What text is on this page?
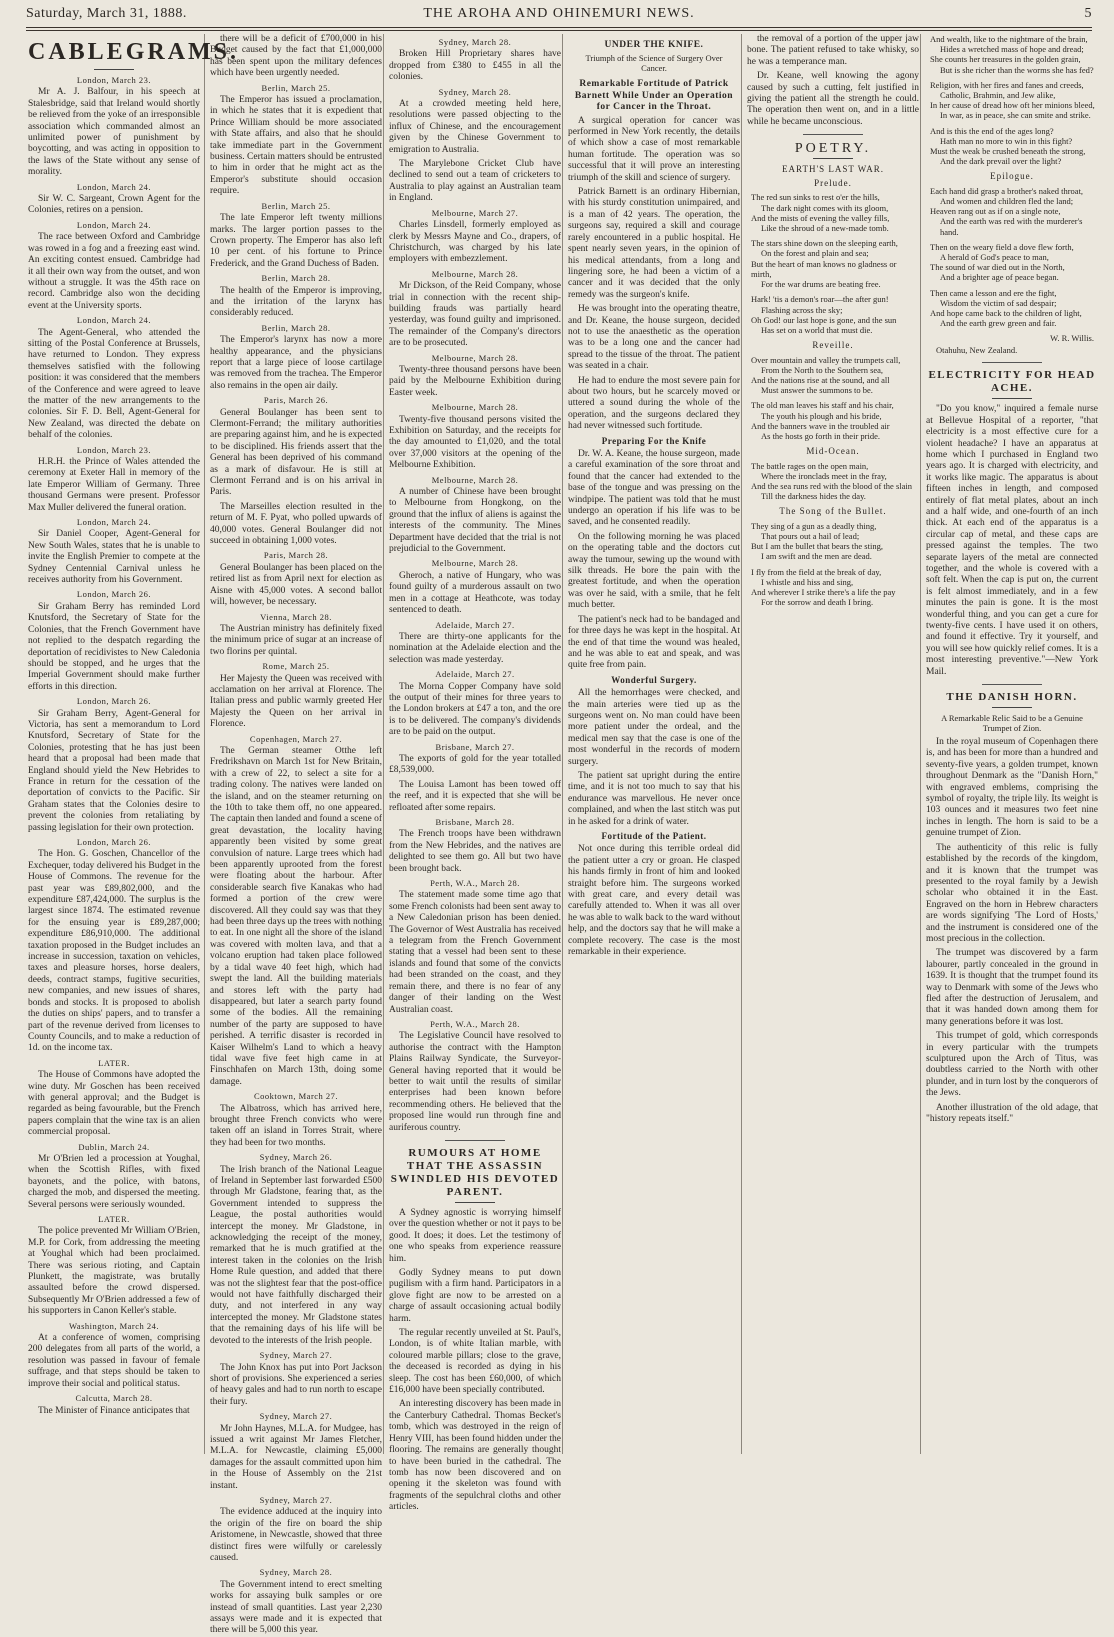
Saturday, March 31, 1888.	THE AROHA AND OHINEMURI NEWS.	5
CABLEGRAMS.
London, March 23.

Mr A. J. Balfour, in his speech at Stalesbridge, said that Ireland would shortly be relieved from the yoke of an irresponsible association which commanded almost an unlimited power of punishment by boycotting, and was acting in opposition to the laws of the State without any sense of morality.

London, March 24.

Sir W. C. Sargeant, Crown Agent for the Colonies, retires on a pension.

London, March 24.

The race between Oxford and Cambridge was rowed in a fog and a freezing east wind. An exciting contest ensued. Cambridge had it all their own way from the outset, and won without a struggle. It was the 45th race on record. Cambridge also won the deciding event at the University sports.

London, March 24.

The Agent-General, who attended the sitting of the Postal Conference at Brussels, have returned to London. They express themselves satisfied with the following position: it was considered that the members of the Conference and were agreed to leave the matter of the new arrangements to the colonies. Sir F. D. Bell, Agent-General for New Zealand, was directed the debate on behalf of the colonies.

London, March 23.

H.R.H. the Prince of Wales attended the ceremony at Exeter Hall in memory of the late Emperor William of Germany. Three thousand Germans were present. Professor Max Muller delivered the funeral oration.

London, March 24.

Sir Daniel Cooper, Agent-General for New South Wales, states that he is unable to invite the English Premier to compete at the Sydney Centennial Carnival unless he receives authority from his Government.

London, March 26.

Sir Graham Berry has reminded Lord Knutsford, the Secretary of State for the Colonies, that the French Government have not replied to the despatch regarding the deportation of recidivistes to New Caledonia should be stopped, and he urges that the Imperial Government should make further efforts in this direction.

London, March 26.

Sir Graham Berry, Agent-General for Victoria, has sent a memorandum to Lord Knutsford, Secretary of State for the Colonies, protesting that he has just been heard that a proposal had been made that England should yield the New Hebrides to France in return for the cessation of the deportation of convicts to the Pacific. Sir Graham states that the Colonies desire to prevent the colonies from retaliating by passing legislation for their own protection.

London, March 26.

The Hon. G. Goschen, Chancellor of the Exchequer, today delivered his Budget in the House of Commons. The revenue for the past year was £89,802,000, and the expenditure £87,424,000. The surplus is the largest since 1874. The estimated revenue for the ensuing year is £89,287,000; expenditure £86,910,000. The additional taxation proposed in the Budget includes an increase in succession, taxation on vehicles, taxes and pleasure horses, horse dealers, deeds, contract stamps, fugitive securities, new companies, and new issues of shares, bonds and stocks. It is proposed to abolish the duties on ships' papers, and to transfer a part of the revenue derived from licenses to County Councils, and to make a reduction of 1d. on the income tax.

LATER.

The House of Commons have adopted the wine duty. Mr Goschen has been received with general approval; and the Budget is regarded as being favourable, but the French papers complain that the wine tax is an alien commercial proposal.

Dublin, March 24.

Mr O'Brien led a procession at Youghal, when the Scottish Rifles, with fixed bayonets, and the police, with batons, charged the mob, and dispersed the meeting. Several persons were seriously wounded.

LATER.

The police prevented Mr William O'Brien, M.P. for Cork, from addressing the meeting at Youghal which had been proclaimed. There was serious rioting, and Captain Plunkett, the magistrate, was brutally assaulted before the crowd dispersed. Subsequently Mr O'Brien addressed a few of his supporters in Canon Keller's stable.

Washington, March 24.

At a conference of women, comprising 200 delegates from all parts of the world, a resolution was passed in favour of female suffrage, and that steps should be taken to improve their social and political status.

Calcutta, March 28.

The Minister of Finance anticipates that

there will be a deficit of £700,000 in his Budget caused by the fact that £1,000,000 has been spent upon the military defences which have been urgently needed.

Berlin, March 25.

The Emperor has issued a proclamation, in which he states that it is expedient that Prince William should be more associated with State affairs, and also that he should take immediate part in the Government business. Certain matters should be entrusted to him in order that he might act as the Emperor's substitute should occasion require.

Berlin, March 25.

The late Emperor left twenty millions marks. The larger portion passes to the Crown property. The Emperor has also left 10 per cent. of his fortune to Prince Frederick, and the Grand Duchess of Baden.

Berlin, March 28.

The health of the Emperor is improving, and the irritation of the larynx has considerably reduced.

Berlin, March 28.

The Emperor's larynx has now a more healthy appearance, and the physicians report that a large piece of loose cartilage was removed from the trachea. The Emperor also remains in the open air daily.

Paris, March 26.

General Boulanger has been sent to Clermont-Ferrand; the military authorities are preparing against him, and he is expected to be disciplined. His friends assert that the General has been deprived of his command as a mark of disfavour. He is still at Clermont Ferrand and is on his arrival in Paris.

The Marseilles election resulted in the return of M. F. Pyat, who polled upwards of 40,000 votes. General Boulanger did not succeed in obtaining 1,000 votes.

Paris, March 28.

General Boulanger has been placed on the retired list as from April next for election as Aisne with 45,000 votes. A second ballot will, however, be necessary.

Vienna, March 28.

The Austrian ministry has definitely fixed the minimum price of sugar at an increase of two florins per quintal.

Rome, March 25.

Her Majesty the Queen was received with acclamation on her arrival at Florence. The Italian press and public warmly greeted Her Majesty the Queen on her arrival in Florence.

Copenhagen, March 27.

The German steamer Otthe left Fredrikshavn on March 1st for New Britain, with a crew of 22, to select a site for a trading colony. The natives were landed on the island, and on the steamer returning on the 10th to take them off, no one appeared. The captain then landed and found a scene of great devastation, the locality having apparently been visited by some great convulsion of nature. Large trees which had been apparently uprooted from the forest were floating about the harbour. After considerable search five Kanakas who had formed a portion of the crew were discovered. All they could say was that they had been three days up the trees with nothing to eat. In one night all the shore of the island was covered with molten lava, and that a volcano eruption had taken place followed by a tidal wave 40 feet high, which had swept the land. All the building materials and stores left with the party had disappeared, but later a search party found some of the bodies. All the remaining number of the party are supposed to have perished. A terrific disaster is recorded in Kaiser Wilhelm's Land to which a heavy tidal wave five feet high came in at Finschhafen on March 13th, doing some damage.

Cooktown, March 27.

The Albatross, which has arrived here, brought three French convicts who were taken off an island in Torres Strait, where they had been for two months.

Sydney, March 26.

The Irish branch of the National League of Ireland in September last forwarded £500 through Mr Gladstone, fearing that, as the Government intended to suppress the League, the postal authorities would intercept the money. Mr Gladstone, in acknowledging the receipt of the money, remarked that he is much gratified at the interest taken in the colonies on the Irish Home Rule question, and added that there was not the slightest fear that the post-office would not have faithfully discharged their duty, and not interfered in any way intercepted the money. Mr Gladstone states that the remaining days of his life will be devoted to the interests of the Irish people.

Sydney, March 27.

The John Knox has put into Port Jackson short of provisions. She experienced a series of heavy gales and had to run north to escape their fury.

Sydney, March 27.

Mr John Haynes, M.L.A. for Mudgee, has issued a writ against Mr James Fletcher, M.L.A. for Newcastle, claiming £5,000 damages for the assault committed upon him in the House of Assembly on the 21st instant.

Sydney, March 27.

The evidence adduced at the inquiry into the origin of the fire on board the ship Aristomene, in Newcastle, showed that three distinct fires were wilfully or carelessly caused.

Sydney, March 28.

The Government intend to erect smelting works for assaying bulk samples or ore instead of small quantities. Last year 2,230 assays were made and it is expected that there will be 5,000 this year.

Sydney, March 28.

Broken Hill Proprietary shares have dropped from £380 to £455 in all the colonies.

Sydney, March 28.

At a crowded meeting held here, resolutions were passed objecting to the influx of Chinese, and the encouragement given by the Chinese Government to emigration to Australia.

The Marylebone Cricket Club have declined to send out a team of cricketers to Australia to play against an Australian team in England.

Melbourne, March 27.

Charles Linsdell, formerly employed as clerk by Messrs Mayne and Co., drapers, of Christchurch, was charged by his late employers with embezzlement.

Melbourne, March 28.

Mr Dickson, of the Reid Company, whose trial in connection with the recent ship-building frauds was partially heard yesterday, was found guilty and imprisoned. The remainder of the Company's directors are to be prosecuted.

Melbourne, March 28.

Twenty-three thousand persons have been paid by the Melbourne Exhibition during Easter week.

Melbourne, March 28.

Twenty-five thousand persons visited the Exhibition on Saturday, and the receipts for the day amounted to £1,020, and the total over 37,000 visitors at the opening of the Melbourne Exhibition.

Melbourne, March 28.

A number of Chinese have been brought to Melbourne from Hongkong, on the ground that the influx of aliens is against the interests of the community. The Mines Department have decided that the trial is not prejudicial to the Government.

Melbourne, March 28.

Gheroch, a native of Hungary, who was found guilty of a murderous assault on two men in a cottage at Heathcote, was today sentenced to death.

Adelaide, March 27.

There are thirty-one applicants for the nomination at the Adelaide election and the selection was made yesterday.

Adelaide, March 27.

The Morna Copper Company have sold the output of their mines for three years to the London brokers at £47 a ton, and the ore is to be delivered. The company's dividends are to be paid on the output.

Brisbane, March 27.

The exports of gold for the year totalled £8,539,000.

The Louisa Lamont has been towed off the reef, and it is expected that she will be refloated after some repairs.

Brisbane, March 28.

The French troops have been withdrawn from the New Hebrides, and the natives are delighted to see them go. All but two have been brought back.

Perth, W.A., March 28.

The statement made some time ago that some French colonists had been sent away to a New Caledonian prison has been denied. The Governor of West Australia has received a telegram from the French Government stating that a vessel had been sent to these islands and found that some of the convicts had been stranded on the coast, and they remain there, and there is no fear of any danger of their landing on the West Australian coast.

Perth, W.A., March 28.

The Legislative Council have resolved to authorise the contract with the Hampton Plains Railway Syndicate, the Surveyor-General having reported that it would be better to wait until the results of similar enterprises had been known before recommending others. He believed that the proposed line would run through fine and auriferous country.

RUMOURS AT HOME THAT THE ASSASSIN SWINDLED HIS DEVOTED PARENT.

A Sydney agnostic is worrying himself over the question whether or not it pays to be good. It does; it does. Let the testimony of one who speaks from experience reassure him.

Godly Sydney means to put down pugilism with a firm hand. Participators in a glove fight are now to be arrested on a charge of assault occasioning actual bodily harm.

The regular recently unveiled at St. Paul's, London, is of white Italian marble, with coloured marble pillars; close to the grave, the deceased is recorded as dying in his sleep. The cost has been £60,000, of which £16,000 have been specially contributed.

An interesting discovery has been made in the Canterbury Cathedral. Thomas Becket's tomb, which was destroyed in the reign of Henry VIII, has been found hidden under the flooring. The remains are generally thought to have been buried in the cathedral. The tomb has now been discovered and on opening it the skeleton was found with fragments of the sepulchral cloths and other articles.

UNDER THE KNIFE.
Triumph of the Science of Surgery Over Cancer.
Remarkable Fortitude of Patrick Barnett While Under an Operation for Cancer in the Throat.

A surgical operation for cancer was performed in New York recently, the details of which show a case of most remarkable human fortitude. The operation was so successful that it will prove an interesting triumph of the skill and science of surgery.

Patrick Barnett is an ordinary Hibernian, with his sturdy constitution unimpaired, and is a man of 42 years. The operation, the surgeons say, required a skill and courage rarely encountered in a public hospital. He spent nearly seven years, in the opinion of his medical attendants, from a long and lingering sore, he had been a victim of a cancer and it was decided that the only remedy was the surgeon's knife.

He was brought into the operating theatre, and Dr. Keane, the house surgeon, decided not to use the anaesthetic as the operation was to be a long one and the cancer had spread to the tissue of the throat. The patient was seated in a chair.

He had to endure the most severe pain for about two hours, but he scarcely moved or uttered a sound during the whole of the operation, and the surgeons declared they had never witnessed such fortitude.

Preparing For the Knife

Dr. W. A. Keane, the house surgeon, made a careful examination of the sore throat and found that the cancer had extended to the base of the tongue and was pressing on the windpipe. The patient was told that he must undergo an operation if his life was to be saved, and he consented readily.

On the following morning he was placed on the operating table and the doctors cut away the tumour, sewing up the wound with silk threads. He bore the pain with the greatest fortitude, and when the operation was over he said, with a smile, that he felt much better.

The patient's neck had to be bandaged and for three days he was kept in the hospital. At the end of that time the wound was healed, and he was able to eat and speak, and was quite free from pain.

Wonderful Surgery.

All the hemorrhages were checked, and the main arteries were tied up as the surgeons went on. No man could have been more patient under the ordeal, and the medical men say that the case is one of the most wonderful in the records of modern surgery.

The patient sat upright during the entire time, and it is not too much to say that his endurance was marvellous. He never once complained, and when the last stitch was put in he asked for a drink of water.

Fortitude of the Patient.

Not once during this terrible ordeal did the patient utter a cry or groan. He clasped his hands firmly in front of him and looked straight before him. The surgeons worked with great care, and every detail was carefully attended to. When it was all over he was able to walk back to the ward without help, and the doctors say that he will make a complete recovery. The case is the most remarkable in their experience.

the removal of a portion of the upper jaw bone. The patient refused to take whisky, so he was a temperance man.

Dr. Keane, well knowing the agony caused by such a cutting, felt justified in giving the patient all the strength he could. The operation then went on, and in a little while he became unconscious.

POETRY.
EARTH'S LAST WAR.
Prelude.
The red sun sinks to rest o'er the hills,
The dark night comes with its gloom,
And the mists of evening the valley fills,
Like the shroud of a new-made tomb.
The stars shine down on the sleeping earth,
On the forest and plain and sea;
But the heart of man knows no gladness or mirth,
For the war drums are beating free.
Hark! 'tis a demon's roar—the after gun!
Flashing across the sky;
Oh God! our last hope is gone, and the sun
Has set on a world that must die.
Reveille.
Over mountain and valley the trumpets call,
From the North to the Southern sea,
And the nations rise at the sound, and all
Must answer the summons to be.
The old man leaves his staff and his chair,
The youth his plough and his bride,
And the banners wave in the troubled air
As the hosts go forth in their pride.
Mid-Ocean.
The battle rages on the open main,
Where the ironclads meet in the fray,
And the sea runs red with the blood of the slain
Till the darkness hides the day.
The Song of the Bullet.
They sing of a gun as a deadly thing,
That pours out a hail of lead;
But I am the bullet that bears the sting,
I am swift and the men are dead.
I fly from the field at the break of day,
I whistle and hiss and sing,
And wherever I strike there's a life the pay
For the sorrow and death I bring.
And wealth, like to the nightmare of the brain,
Hides a wretched mass of hope and dread;
She counts her treasures in the golden grain,
But is she richer than the worms she has fed?
Religion, with her fires and fanes and creeds,
Catholic, Brahmin, and Jew alike,
In her cause of dread how oft her minions bleed,
In war, as in peace, she can smite and strike.
And is this the end of the ages long?
Hath man no more to win in this fight?
Must the weak be crushed beneath the strong,
And the dark prevail over the light?
Epilogue.
Each hand did grasp a brother's naked throat,
And women and children fled the land;
Heaven rang out as if on a single note,
And the earth was red with the murderer's hand.
Then on the weary field a dove flew forth,
A herald of God's peace to man,
The sound of war died out in the North,
And a brighter age of peace began.
Then came a lesson and ere the fight,
Wisdom the victim of sad despair;
And hope came back to the children of light,
And the earth grew green and fair.
W. R. Willis.
Otahuhu, New Zealand.
ELECTRICITY FOR HEAD ACHE.

"Do you know," inquired a female nurse at Bellevue Hospital of a reporter, "that electricity is a most effective cure for a violent headache? I have an apparatus at home which I purchased in England two years ago. It is charged with electricity, and it works like magic. The apparatus is about fifteen inches in length, and composed entirely of flat metal plates, about an inch and a half wide, and one-fourth of an inch thick. At each end of the apparatus is a circular cap of metal, and these caps are pressed against the temples. The two separate layers of the metal are connected together, and the whole is covered with a soft felt. When the cap is put on, the current is felt almost immediately, and in a few minutes the pain is gone. It is the most wonderful thing, and you can get a cure for twenty-five cents. I have used it on others, and found it effective. Try it yourself, and you will see how quickly relief comes. It is a most interesting preventive."—New York Mail.

THE DANISH HORN.
A Remarkable Relic Said to be a Genuine Trumpet of Zion.

In the royal museum of Copenhagen there is, and has been for more than a hundred and seventy-five years, a golden trumpet, known throughout Denmark as the "Danish Horn," with engraved emblems, comprising the symbol of royalty, the triple lily. Its weight is 103 ounces and it measures two feet nine inches in length. The horn is said to be a genuine trumpet of Zion.

The authenticity of this relic is fully established by the records of the kingdom, and it is known that the trumpet was presented to the royal family by a Jewish scholar who obtained it in the East. Engraved on the horn in Hebrew characters are words signifying 'The Lord of Hosts,' and the instrument is considered one of the most precious in the collection.

The trumpet was discovered by a farm labourer, partly concealed in the ground in 1639. It is thought that the trumpet found its way to Denmark with some of the Jews who fled after the destruction of Jerusalem, and that it was handed down among them for many generations before it was lost.

This trumpet of gold, which corresponds in every particular with the trumpets sculptured upon the Arch of Titus, was doubtless carried to the North with other plunder, and in turn lost by the conquerors of the Jews.

Another illustration of the old adage, that "history repeats itself."
